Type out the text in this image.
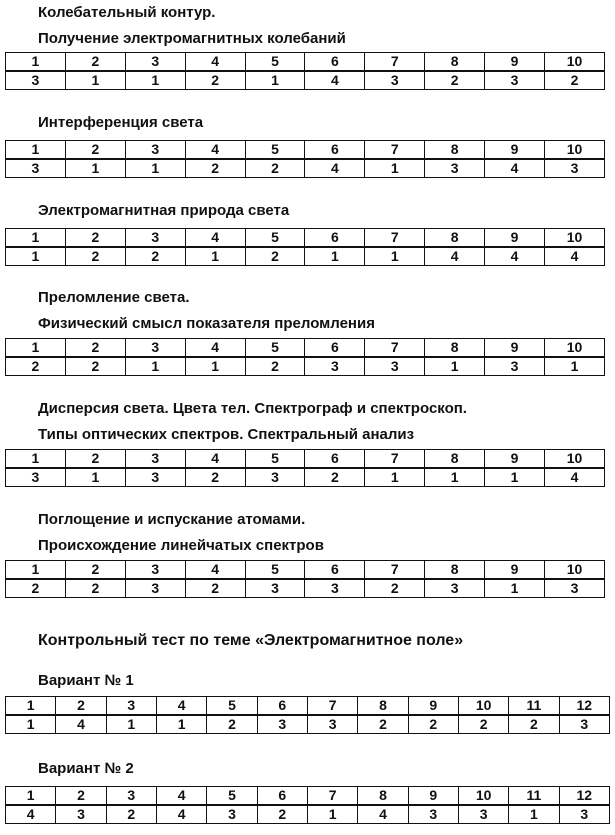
Колебательный контур.
Получение электромагнитных колебаний
1	2	3	4	5	6	7	8	9	10
3	1	1	2	1	4	3	2	3	2
Интерференция света
1	2	3	4	5	6	7	8	9	10
3	1	1	2	2	4	1	3	4	3
Электромагнитная природа света
1	2	3	4	5	6	7	8	9	10
1	2	2	1	2	1	1	4	4	4
Преломление света.
Физический смысл показателя преломления
1	2	3	4	5	6	7	8	9	10
2	2	1	1	2	3	3	1	3	1
Дисперсия света. Цвета тел. Спектрограф и спектроскоп.
Типы оптических спектров. Спектральный анализ
1	2	3	4	5	6	7	8	9	10
3	1	3	2	3	2	1	1	1	4
Поглощение и испускание атомами.
Происхождение линейчатых спектров
1	2	3	4	5	6	7	8	9	10
2	2	3	2	3	3	2	3	1	3
Контрольный тест по теме «Электромагнитное поле»
Вариант № 1
1	2	3	4	5	6	7	8	9	10	11	12
1	4	1	1	2	3	3	2	2	2	2	3
Вариант № 2
1	2	3	4	5	6	7	8	9	10	11	12
4	3	2	4	3	2	1	4	3	3	1	3
